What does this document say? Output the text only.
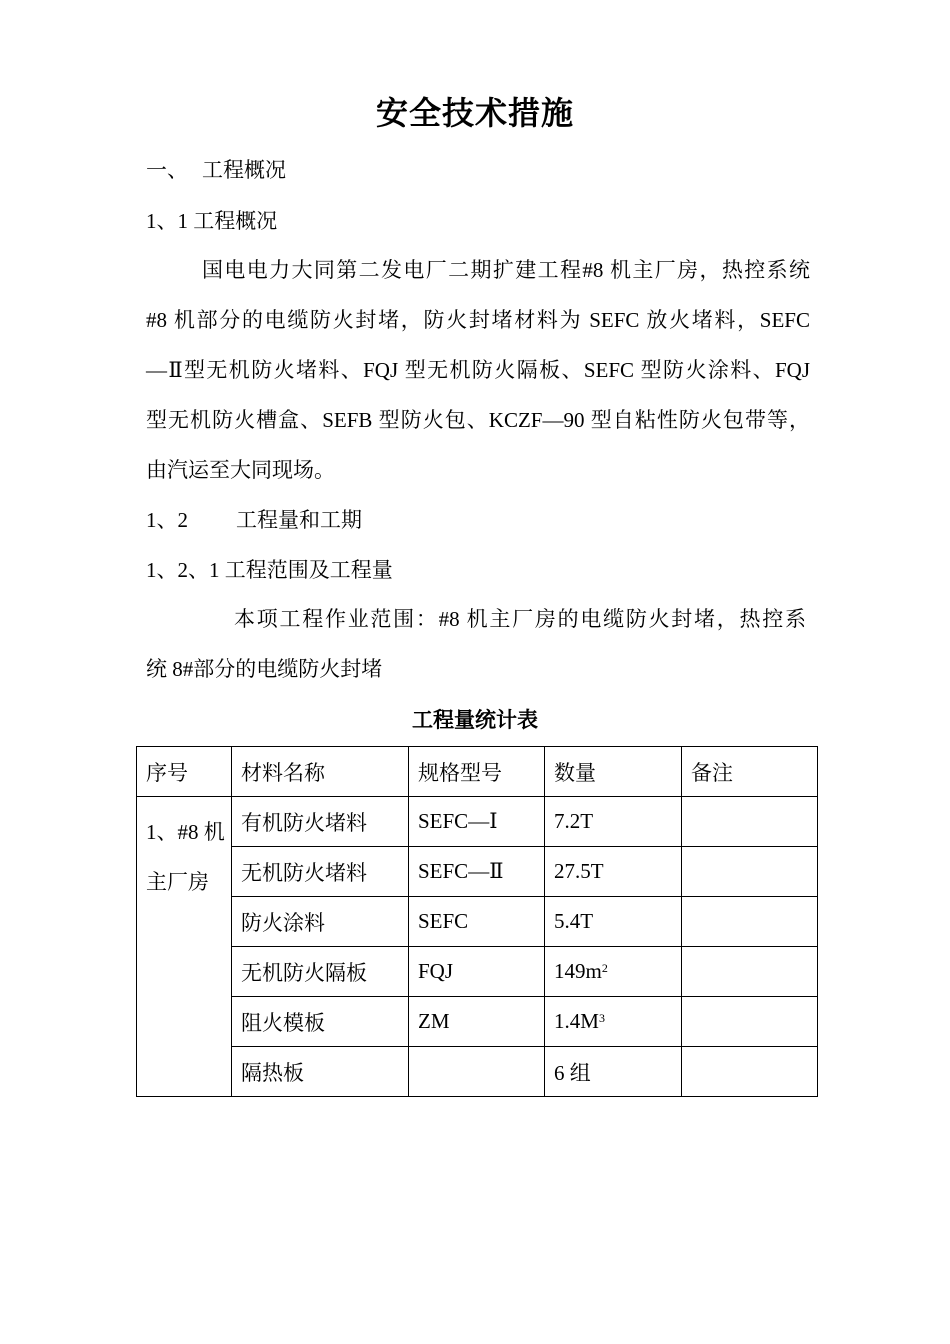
安全技术措施
一、 工程概况
1、1 工程概况
国电电力大同第二发电厂二期扩建工程#8 机主厂房，热控系统
#8 机部分的电缆防火封堵，防火封堵材料为 SEFC 放火堵料，SEFC
—Ⅱ型无机防火堵料、FQJ 型无机防火隔板、SEFC 型防火涂料、FQJ
型无机防火槽盒、SEFB 型防火包、KCZF—90 型自粘性防火包带等，
由汽运至大同现场。
1、2 工程量和工期
1、2、1 工程范围及工程量
本项工程作业范围：#8 机主厂房的电缆防火封堵，热控系
统 8#部分的电缆防火封堵
工程量统计表
序号	材料名称	规格型号	数量	备注
1、#8 机主厂房	有机防火堵料	SEFC—Ⅰ	7.2T	
	无机防火堵料	SEFC—Ⅱ	27.5T	
	防火涂料	SEFC	5.4T	
	无机防火隔板	FQJ	$149m^2$	
	阻火模板	ZM	$1.4M^3$	
	隔热板		6 组	
